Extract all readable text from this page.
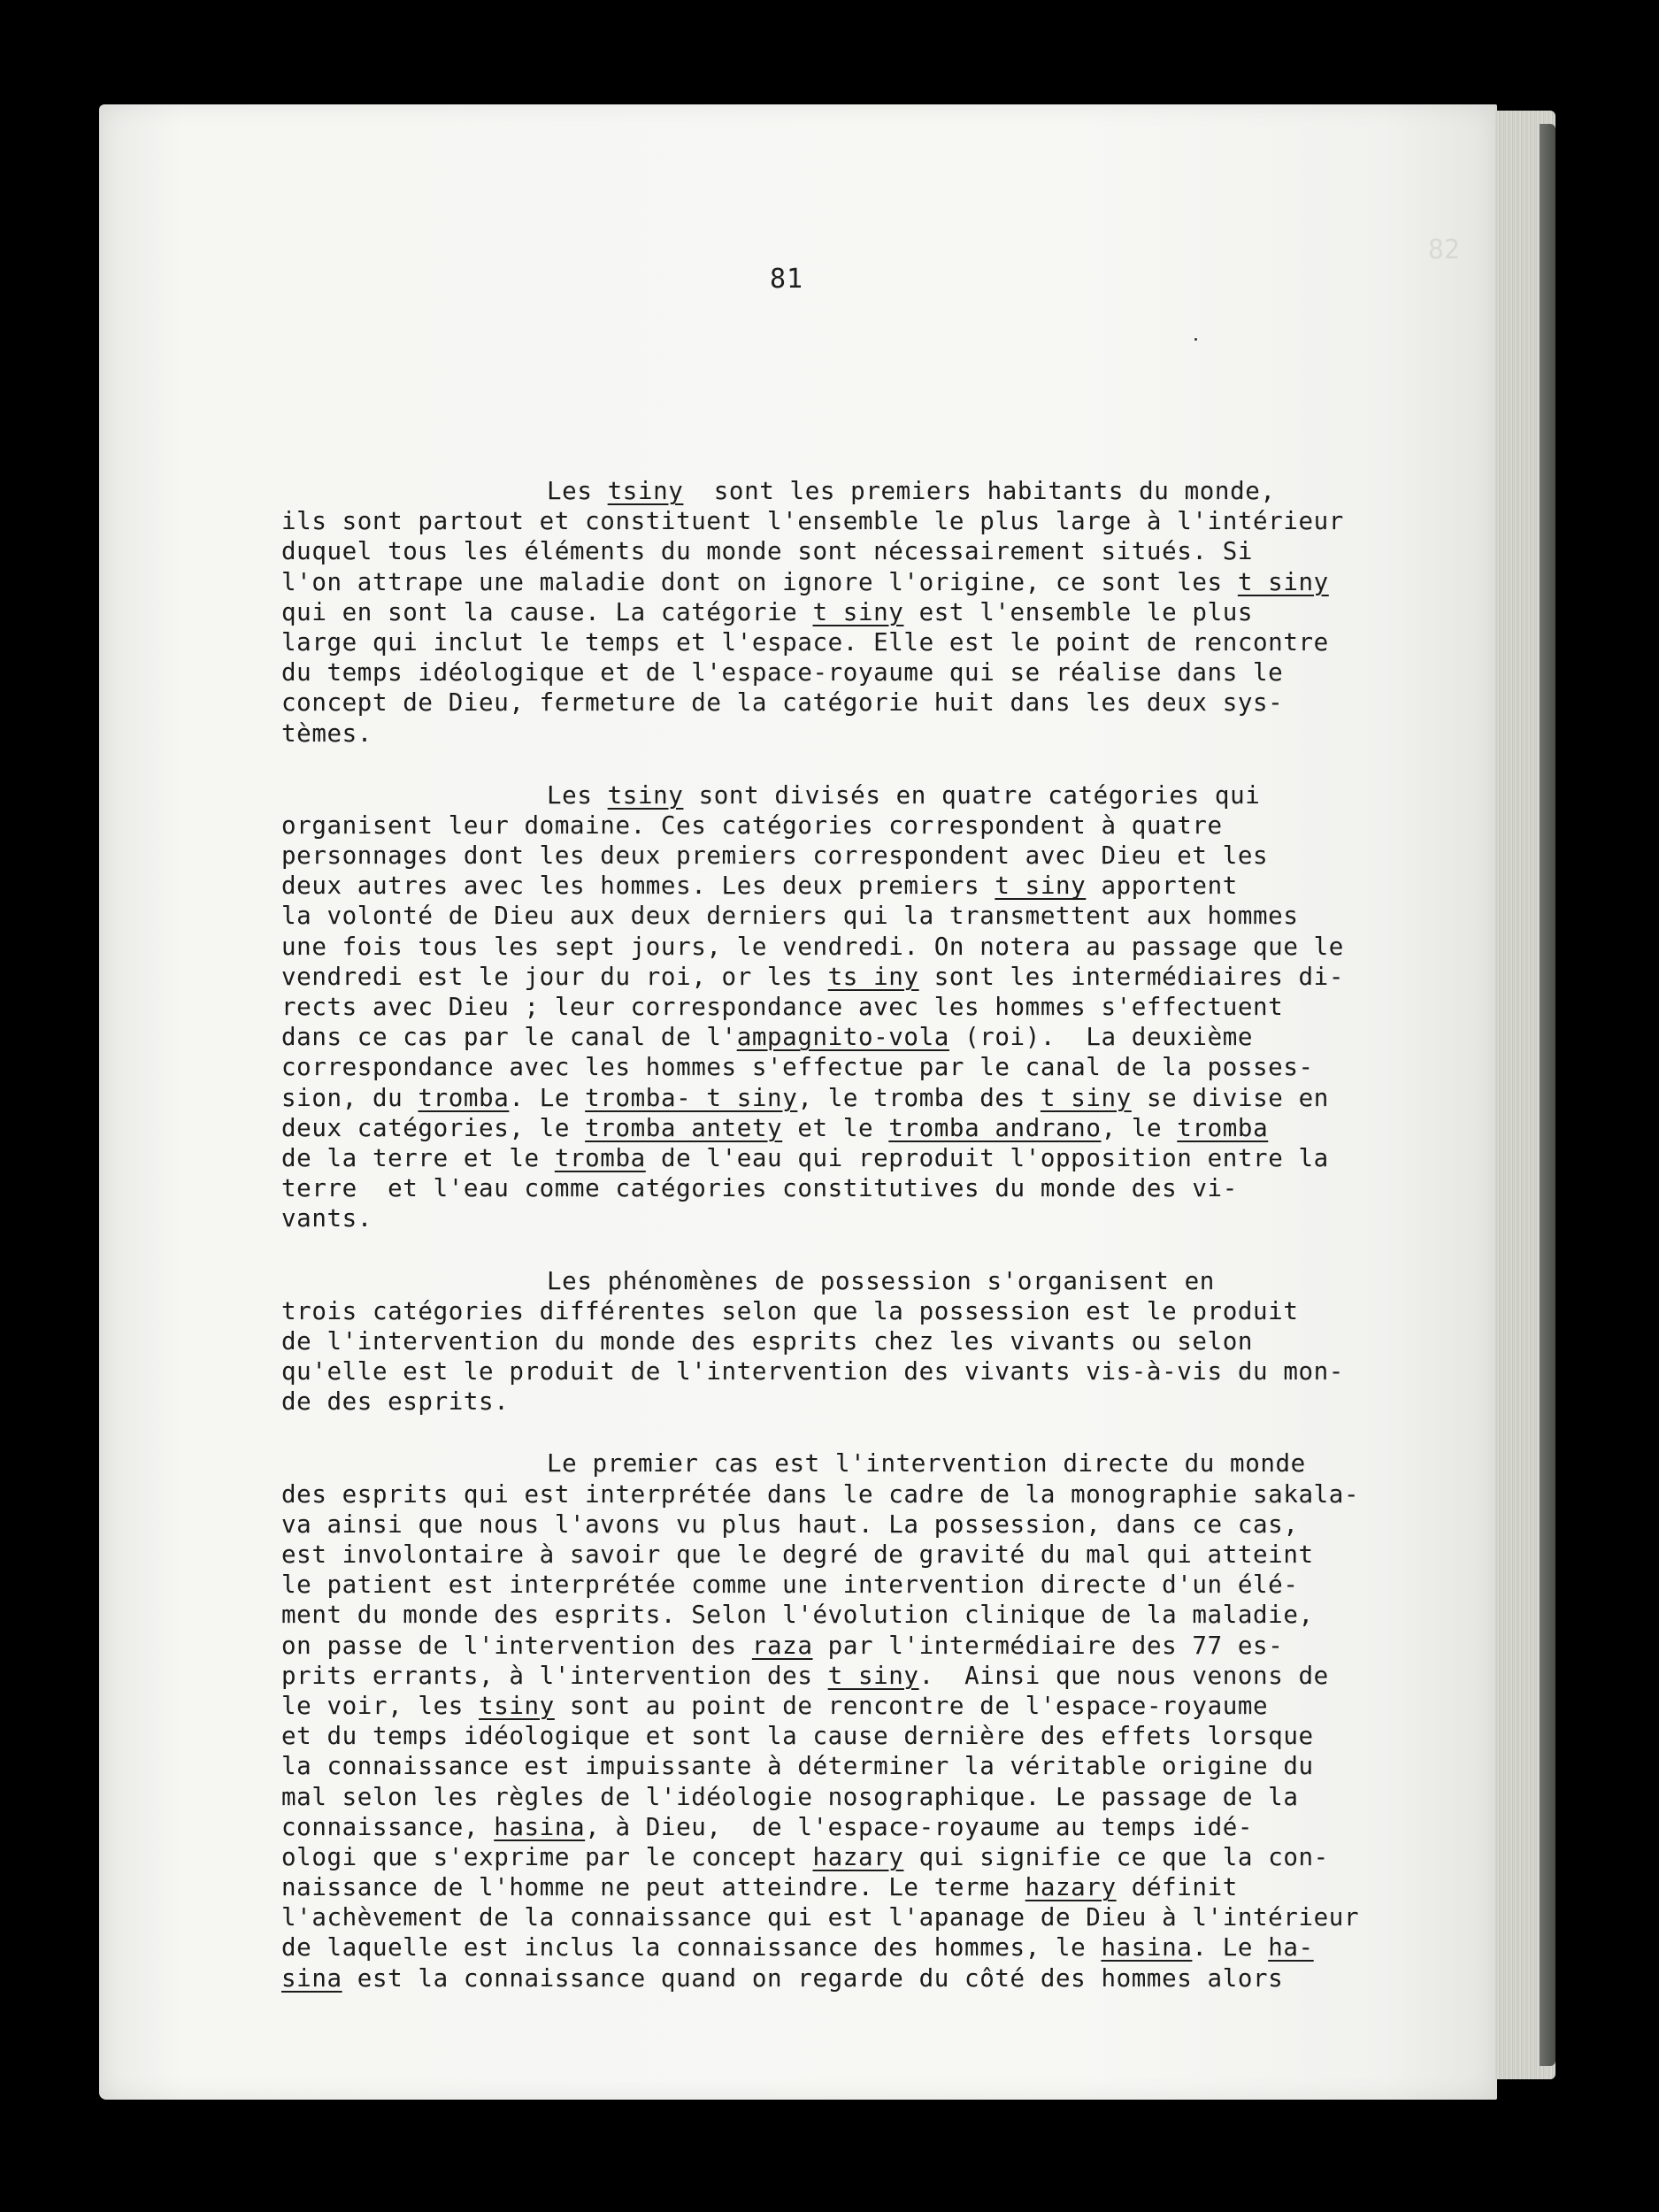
82
81
Les tsiny  sont les premiers habitants du monde,
ils sont partout et constituent l'ensemble le plus large à l'intérieur
duquel tous les éléments du monde sont nécessairement situés. Si
l'on attrape une maladie dont on ignore l'origine, ce sont les t siny
qui en sont la cause. La catégorie t siny est l'ensemble le plus
large qui inclut le temps et l'espace. Elle est le point de rencontre
du temps idéologique et de l'espace-royaume qui se réalise dans le
concept de Dieu, fermeture de la catégorie huit dans les deux sys-
tèmes.
Les tsiny sont divisés en quatre catégories qui
organisent leur domaine. Ces catégories correspondent à quatre
personnages dont les deux premiers correspondent avec Dieu et les
deux autres avec les hommes. Les deux premiers t siny apportent
la volonté de Dieu aux deux derniers qui la transmettent aux hommes
une fois tous les sept jours, le vendredi. On notera au passage que le
vendredi est le jour du roi, or les ts iny sont les intermédiaires di-
rects avec Dieu ; leur correspondance avec les hommes s'effectuent
dans ce cas par le canal de l'ampagnito-vola (roi).  La deuxième
correspondance avec les hommes s'effectue par le canal de la posses-
sion, du tromba. Le tromba- t siny, le tromba des t siny se divise en
deux catégories, le tromba antety et le tromba andrano, le tromba
de la terre et le tromba de l'eau qui reproduit l'opposition entre la
terre  et l'eau comme catégories constitutives du monde des vi-
vants.
Les phénomènes de possession s'organisent en
trois catégories différentes selon que la possession est le produit
de l'intervention du monde des esprits chez les vivants ou selon
qu'elle est le produit de l'intervention des vivants vis-à-vis du mon-
de des esprits.
Le premier cas est l'intervention directe du monde
des esprits qui est interprétée dans le cadre de la monographie sakala-
va ainsi que nous l'avons vu plus haut. La possession, dans ce cas,
est involontaire à savoir que le degré de gravité du mal qui atteint
le patient est interprétée comme une intervention directe d'un élé-
ment du monde des esprits. Selon l'évolution clinique de la maladie,
on passe de l'intervention des raza par l'intermédiaire des 77 es-
prits errants, à l'intervention des t siny.  Ainsi que nous venons de
le voir, les tsiny sont au point de rencontre de l'espace-royaume
et du temps idéologique et sont la cause dernière des effets lorsque
la connaissance est impuissante à déterminer la véritable origine du
mal selon les règles de l'idéologie nosographique. Le passage de la
connaissance, hasina, à Dieu,  de l'espace-royaume au temps idé-
ologi que s'exprime par le concept hazary qui signifie ce que la con-
naissance de l'homme ne peut atteindre. Le terme hazary définit
l'achèvement de la connaissance qui est l'apanage de Dieu à l'intérieur
de laquelle est inclus la connaissance des hommes, le hasina. Le ha-
sina est la connaissance quand on regarde du côté des hommes alors
